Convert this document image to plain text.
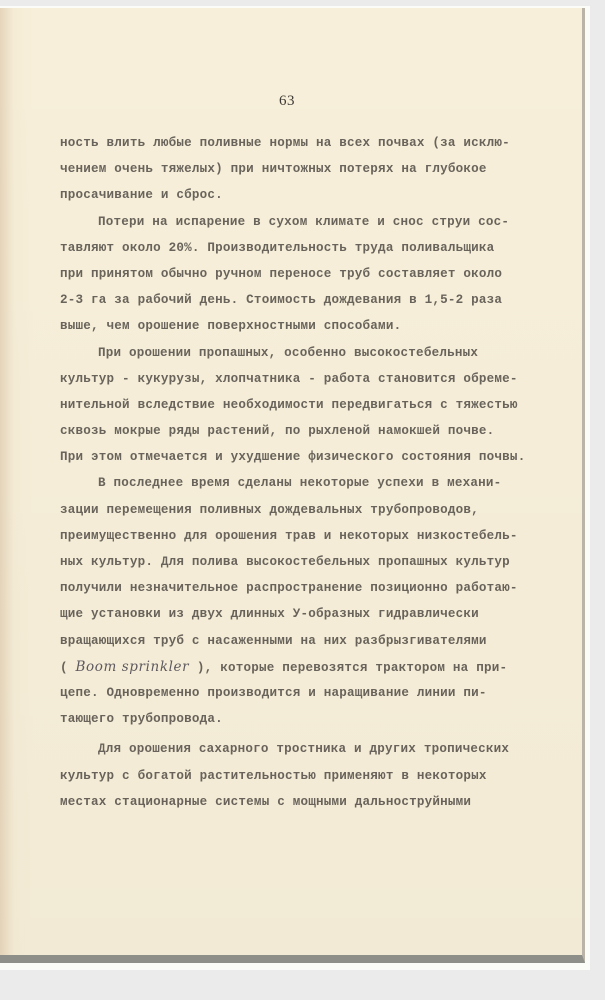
63
ность влить любые поливные нормы на всех почвах (за исклю-
чением очень тяжелых) при ничтожных потерях на глубокое
просачивание и сброс.
Потери на испарение в сухом климате и снос струи сос-
тавляют около 20%. Производительность труда поливальщика
при принятом обычно ручном переносе труб составляет около
2-3 га за рабочий день. Стоимость дождевания в 1,5-2 раза
выше, чем орошение поверхностными способами.
При орошении пропашных, особенно высокостебельных
культур - кукурузы, хлопчатника - работа становится обреме-
нительной вследствие необходимости передвигаться с тяжестью
сквозь мокрые ряды растений, по рыхленой намокшей почве.
При этом отмечается и ухудшение физического состояния почвы.
В последнее время сделаны некоторые успехи в механи-
зации перемещения поливных дождевальных трубопроводов,
преимущественно для орошения трав и некоторых низкостебель-
ных культур. Для полива высокостебельных пропашных культур
получили незначительное распространение позиционно работаю-
щие установки из двух длинных У-образных гидравлически
вращающихся труб с насаженными на них разбрызгивателями
( Boom sprinkler ), которые перевозятся трактором на при-
цепе. Одновременно производится и наращивание линии пи-
тающего трубопровода.
Для орошения сахарного тростника и других тропических
культур с богатой растительностью применяют в некоторых
местах стационарные системы с мощными дальноструйными
